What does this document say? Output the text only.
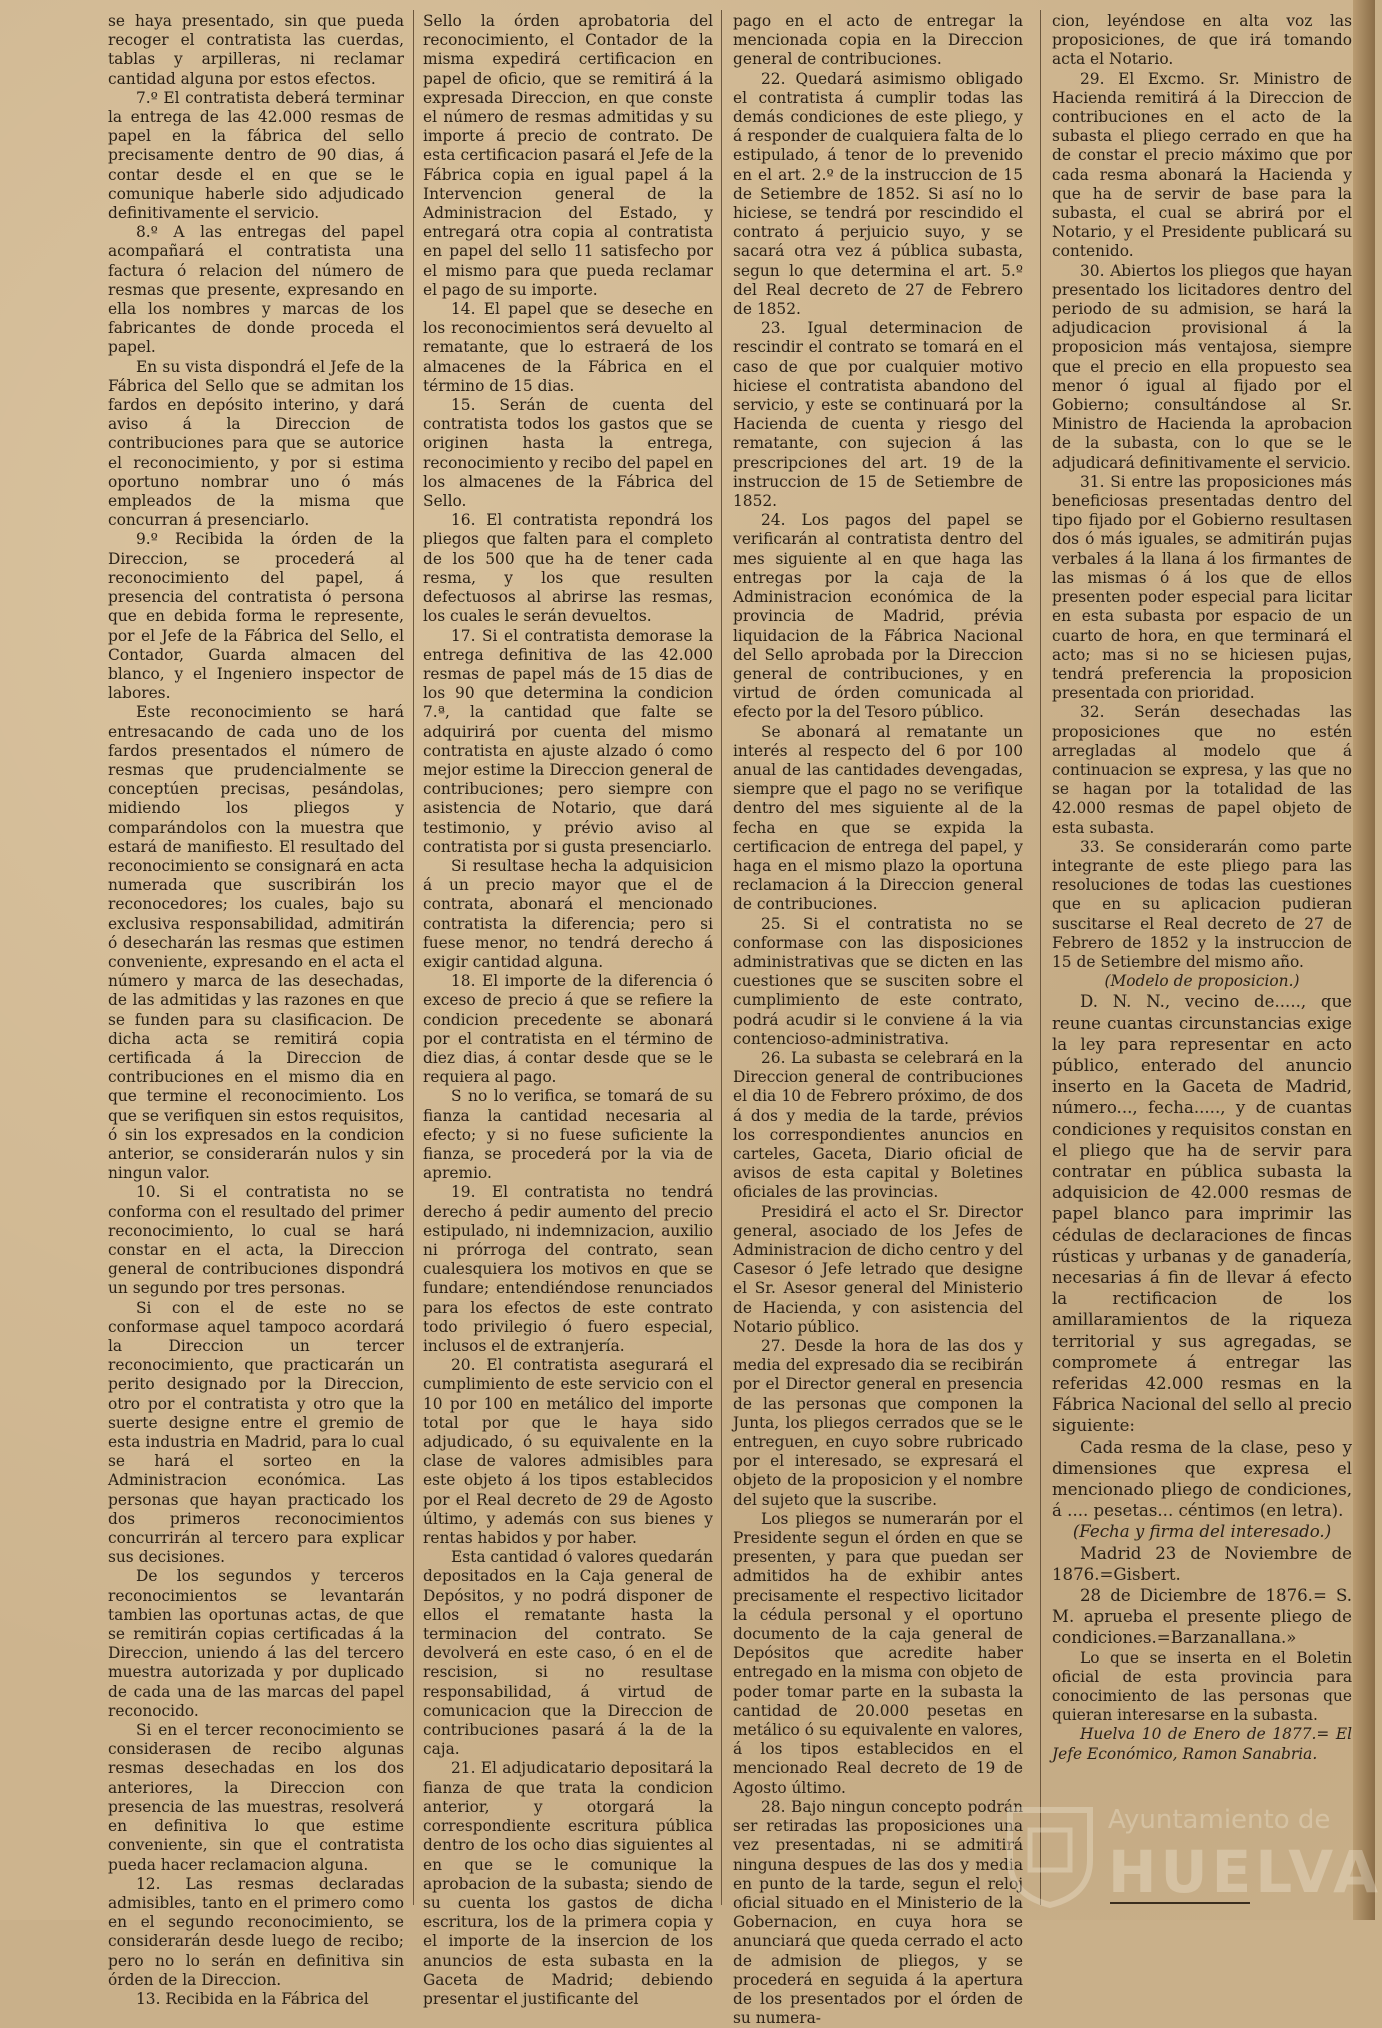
se haya presentado, sin que pueda recoger el contratista las cuerdas, tablas y arpilleras, ni reclamar cantidad alguna por estos efectos.

7.º El contratista deberá terminar la entrega de las 42.000 resmas de papel en la fábrica del sello precisamente dentro de 90 dias, á contar desde el en que se le comunique haberle sido adjudicado definitivamente el servicio.

8.º A las entregas del papel acompañará el contratista una factura ó relacion del número de resmas que presente, expresando en ella los nombres y marcas de los fabricantes de donde proceda el papel.

En su vista dispondrá el Jefe de la Fábrica del Sello que se admitan los fardos en depósito interino, y dará aviso á la Direccion de contribuciones para que se autorice el reconocimiento, y por si estima oportuno nombrar uno ó más empleados de la misma que concurran á presenciarlo.

9.º Recibida la órden de la Direccion, se procederá al reconocimiento del papel, á presencia del contratista ó persona que en debida forma le represente, por el Jefe de la Fábrica del Sello, el Contador, Guarda almacen del blanco, y el Ingeniero inspector de labores.

Este reconocimiento se hará entresacando de cada uno de los fardos presentados el número de resmas que prudencialmente se conceptúen precisas, pesándolas, midiendo los pliegos y comparándolos con la muestra que estará de manifiesto. El resultado del reconocimiento se consignará en acta numerada que suscribirán los reconocedores; los cuales, bajo su exclusiva responsabilidad, admitirán ó desecharán las resmas que estimen conveniente, expresando en el acta el número y marca de las desechadas, de las admitidas y las razones en que se funden para su clasificacion. De dicha acta se remitirá copia certificada á la Direccion de contribuciones en el mismo dia en que termine el reconocimiento. Los que se verifiquen sin estos requisitos, ó sin los expresados en la condicion anterior, se considerarán nulos y sin ningun valor.

10. Si el contratista no se conforma con el resultado del primer reconocimiento, lo cual se hará constar en el acta, la Direccion general de contribuciones dispondrá un segundo por tres personas.

Si con el de este no se conformase aquel tampoco acordará la Direccion un tercer reconocimiento, que practicarán un perito designado por la Direccion, otro por el contratista y otro que la suerte designe entre el gremio de esta industria en Madrid, para lo cual se hará el sorteo en la Administracion económica. Las personas que hayan practicado los dos primeros reconocimientos concurrirán al tercero para explicar sus decisiones.

De los segundos y terceros reconocimientos se levantarán tambien las oportunas actas, de que se remitirán copias certificadas á la Direccion, uniendo á las del tercero muestra autorizada y por duplicado de cada una de las marcas del papel reconocido.

Si en el tercer reconocimiento se considerasen de recibo algunas resmas desechadas en los dos anteriores, la Direccion con presencia de las muestras, resolverá en definitiva lo que estime conveniente, sin que el contratista pueda hacer reclamacion alguna.

12. Las resmas declaradas admisibles, tanto en el primero como en el segundo reconocimiento, se considerarán desde luego de recibo; pero no lo serán en definitiva sin órden de la Direccion.

13. Recibida en la Fábrica del

Sello la órden aprobatoria del reconocimiento, el Contador de la misma expedirá certificacion en papel de oficio, que se remitirá á la expresada Direccion, en que conste el número de resmas admitidas y su importe á precio de contrato. De esta certificacion pasará el Jefe de la Fábrica copia en igual papel á la Intervencion general de la Administracion del Estado, y entregará otra copia al contratista en papel del sello 11 satisfecho por el mismo para que pueda reclamar el pago de su importe.

14. El papel que se deseche en los reconocimientos será devuelto al rematante, que lo estraerá de los almacenes de la Fábrica en el término de 15 dias.

15. Serán de cuenta del contratista todos los gastos que se originen hasta la entrega, reconocimiento y recibo del papel en los almacenes de la Fábrica del Sello.

16. El contratista repondrá los pliegos que falten para el completo de los 500 que ha de tener cada resma, y los que resulten defectuosos al abrirse las resmas, los cuales le serán devueltos.

17. Si el contratista demorase la entrega definitiva de las 42.000 resmas de papel más de 15 dias de los 90 que determina la condicion 7.ª, la cantidad que falte se adquirirá por cuenta del mismo contratista en ajuste alzado ó como mejor estime la Direccion general de contribuciones; pero siempre con asistencia de Notario, que dará testimonio, y prévio aviso al contratista por si gusta presenciarlo.

Si resultase hecha la adquisicion á un precio mayor que el de contrata, abonará el mencionado contratista la diferencia; pero si fuese menor, no tendrá derecho á exigir cantidad alguna.

18. El importe de la diferencia ó exceso de precio á que se refiere la condicion precedente se abonará por el contratista en el término de diez dias, á contar desde que se le requiera al pago.

S no lo verifica, se tomará de su fianza la cantidad necesaria al efecto; y si no fuese suficiente la fianza, se procederá por la via de apremio.

19. El contratista no tendrá derecho á pedir aumento del precio estipulado, ni indemnizacion, auxilio ni prórroga del contrato, sean cualesquiera los motivos en que se fundare; entendiéndose renunciados para los efectos de este contrato todo privilegio ó fuero especial, inclusos el de extranjería.

20. El contratista asegurará el cumplimiento de este servicio con el 10 por 100 en metálico del importe total por que le haya sido adjudicado, ó su equivalente en la clase de valores admisibles para este objeto á los tipos establecidos por el Real decreto de 29 de Agosto último, y además con sus bienes y rentas habidos y por haber.

Esta cantidad ó valores quedarán depositados en la Caja general de Depósitos, y no podrá disponer de ellos el rematante hasta la terminacion del contrato. Se devolverá en este caso, ó en el de rescision, si no resultase responsabilidad, á virtud de comunicacion que la Direccion de contribuciones pasará á la de la caja.

21. El adjudicatario depositará la fianza de que trata la condicion anterior, y otorgará la correspondiente escritura pública dentro de los ocho dias siguientes al en que se le comunique la aprobacion de la subasta; siendo de su cuenta los gastos de dicha escritura, los de la primera copia y el importe de la insercion de los anuncios de esta subasta en la Gaceta de Madrid; debiendo presentar el justificante del

pago en el acto de entregar la mencionada copia en la Direccion general de contribuciones.

22. Quedará asimismo obligado el contratista á cumplir todas las demás condiciones de este pliego, y á responder de cualquiera falta de lo estipulado, á tenor de lo prevenido en el art. 2.º de la instruccion de 15 de Setiembre de 1852. Si así no lo hiciese, se tendrá por rescindido el contrato á perjuicio suyo, y se sacará otra vez á pública subasta, segun lo que determina el art. 5.º del Real decreto de 27 de Febrero de 1852.

23. Igual determinacion de rescindir el contrato se tomará en el caso de que por cualquier motivo hiciese el contratista abandono del servicio, y este se continuará por la Hacienda de cuenta y riesgo del rematante, con sujecion á las prescripciones del art. 19 de la instruccion de 15 de Setiembre de 1852.

24. Los pagos del papel se verificarán al contratista dentro del mes siguiente al en que haga las entregas por la caja de la Administracion económica de la provincia de Madrid, prévia liquidacion de la Fábrica Nacional del Sello aprobada por la Direccion general de contribuciones, y en virtud de órden comunicada al efecto por la del Tesoro público.

Se abonará al rematante un interés al respecto del 6 por 100 anual de las cantidades devengadas, siempre que el pago no se verifique dentro del mes siguiente al de la fecha en que se expida la certificacion de entrega del papel, y haga en el mismo plazo la oportuna reclamacion á la Direccion general de contribuciones.

25. Si el contratista no se conformase con las disposiciones administrativas que se dicten en las cuestiones que se susciten sobre el cumplimiento de este contrato, podrá acudir si le conviene á la via contencioso-administrativa.

26. La subasta se celebrará en la Direccion general de contribuciones el dia 10 de Febrero próximo, de dos á dos y media de la tarde, prévios los correspondientes anuncios en carteles, Gaceta, Diario oficial de avisos de esta capital y Boletines oficiales de las provincias.

Presidirá el acto el Sr. Director general, asociado de los Jefes de Administracion de dicho centro y del Casesor ó Jefe letrado que designe el Sr. Asesor general del Ministerio de Hacienda, y con asistencia del Notario público.

27. Desde la hora de las dos y media del expresado dia se recibirán por el Director general en presencia de las personas que componen la Junta, los pliegos cerrados que se le entreguen, en cuyo sobre rubricado por el interesado, se expresará el objeto de la proposicion y el nombre del sujeto que la suscribe.

Los pliegos se numerarán por el Presidente segun el órden en que se presenten, y para que puedan ser admitidos ha de exhibir antes precisamente el respectivo licitador la cédula personal y el oportuno documento de la caja general de Depósitos que acredite haber entregado en la misma con objeto de poder tomar parte en la subasta la cantidad de 20.000 pesetas en metálico ó su equivalente en valores, á los tipos establecidos en el mencionado Real decreto de 19 de Agosto último.

28. Bajo ningun concepto podrán ser retiradas las proposiciones una vez presentadas, ni se admitirá ninguna despues de las dos y media en punto de la tarde, segun el reloj oficial situado en el Ministerio de la Gobernacion, en cuya hora se anunciará que queda cerrado el acto de admision de pliegos, y se procederá en seguida á la apertura de los presentados por el órden de su numera-

cion, leyéndose en alta voz las proposiciones, de que irá tomando acta el Notario.

29. El Excmo. Sr. Ministro de Hacienda remitirá á la Direccion de contribuciones en el acto de la subasta el pliego cerrado en que ha de constar el precio máximo que por cada resma abonará la Hacienda y que ha de servir de base para la subasta, el cual se abrirá por el Notario, y el Presidente publicará su contenido.

30. Abiertos los pliegos que hayan presentado los licitadores dentro del periodo de su admision, se hará la adjudicacion provisional á la proposicion más ventajosa, siempre que el precio en ella propuesto sea menor ó igual al fijado por el Gobierno; consultándose al Sr. Ministro de Hacienda la aprobacion de la subasta, con lo que se le adjudicará definitivamente el servicio.

31. Si entre las proposiciones más beneficiosas presentadas dentro del tipo fijado por el Gobierno resultasen dos ó más iguales, se admitirán pujas verbales á la llana á los firmantes de las mismas ó á los que de ellos presenten poder especial para licitar en esta subasta por espacio de un cuarto de hora, en que terminará el acto; mas si no se hiciesen pujas, tendrá preferencia la proposicion presentada con prioridad.

32. Serán desechadas las proposiciones que no estén arregladas al modelo que á continuacion se expresa, y las que no se hagan por la totalidad de las 42.000 resmas de papel objeto de esta subasta.

33. Se considerarán como parte integrante de este pliego para las resoluciones de todas las cuestiones que en su aplicacion pudieran suscitarse el Real decreto de 27 de Febrero de 1852 y la instruccion de 15 de Setiembre del mismo año.

(Modelo de proposicion.)

D. N. N., vecino de....., que reune cuantas circunstancias exige la ley para representar en acto público, enterado del anuncio inserto en la Gaceta de Madrid, número..., fecha....., y de cuantas condiciones y requisitos constan en el pliego que ha de servir para contratar en pública subasta la adquisicion de 42.000 resmas de papel blanco para imprimir las cédulas de declaraciones de fincas rústicas y urbanas y de ganadería, necesarias á fin de llevar á efecto la rectificacion de los amillaramientos de la riqueza territorial y sus agregadas, se compromete á entregar las referidas 42.000 resmas en la Fábrica Nacional del sello al precio siguiente:

Cada resma de la clase, peso y dimensiones que expresa el mencionado pliego de condiciones, á .... pesetas... céntimos (en letra).

(Fecha y firma del interesado.)

Madrid 23 de Noviembre de 1876.=Gisbert.

28 de Diciembre de 1876.= S. M. aprueba el presente pliego de condiciones.=Barzanallana.»

Lo que se inserta en el Boletin oficial de esta provincia para conocimiento de las personas que quieran interesarse en la subasta.

Huelva 10 de Enero de 1877.= El Jefe Económico, Ramon Sanabria.

Ayuntamiento de
HUELVA
